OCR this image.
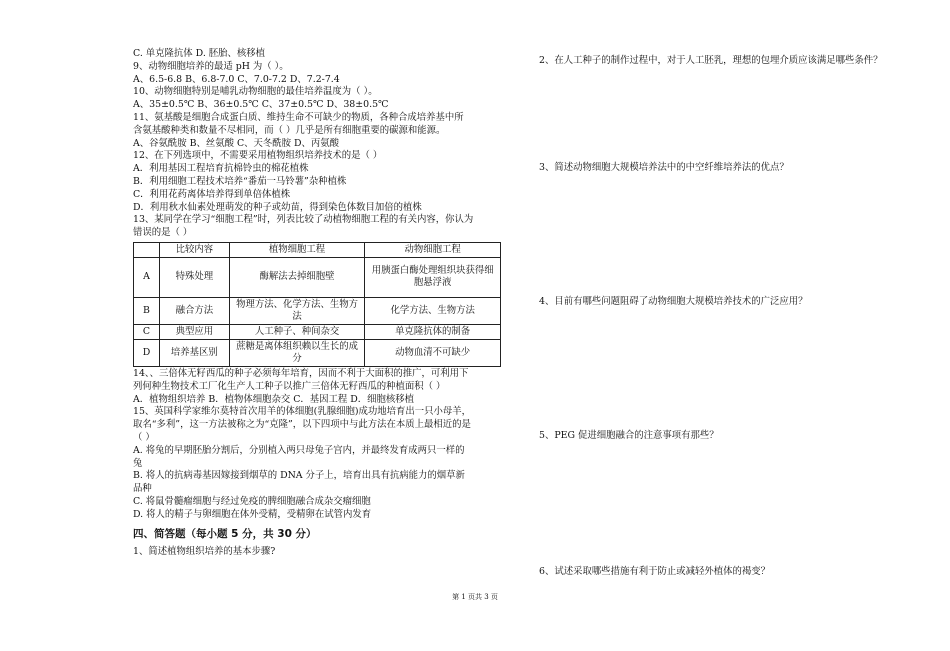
C. 单克隆抗体 D. 胚胎、核移植

9、动物细胞培养的最适 pH 为（ ）。

A、6.5-6.8 B、6.8-7.0 C、7.0-7.2 D、7.2-7.4

10、动物细胞特别是哺乳动物细胞的最佳培养温度为（ ）。

A、35±0.5℃ B、36±0.5℃ C、37±0.5℃ D、38±0.5℃

11、氨基酸是细胞合成蛋白质、维持生命不可缺少的物质，各种合成培养基中所

含氨基酸种类和数量不尽相同，而（ ）几乎是所有细胞重要的碳源和能源。

A、谷氨酰胺 B、丝氨酸 C、天冬酰胺 D、丙氨酸

12、在下列选项中，不需要采用植物组织培养技术的是（ ）

A．利用基因工程培育抗棉铃虫的棉花植株

B．利用细胞工程技术培养“番茄一马铃薯”杂种植株

C．利用花药离体培养得到单倍体植株

D．利用秋水仙素处理萌发的种子或幼苗，得到染色体数目加倍的植株

13、某同学在学习“细胞工程”时，列表比较了动植物细胞工程的有关内容，你认为

错误的是（ ）

	比较内容	植物细胞工程	动物细胞工程
A	特殊处理	酶解法去掉细胞壁	用胰蛋白酶处理组织块获得细胞悬浮液
B	融合方法	物理方法、化学方法、生物方法	化学方法、生物方法
C	典型应用	人工种子、种间杂交	单克隆抗体的制备
D	培养基区别	蔗糖是离体组织赖以生长的成分	动物血清不可缺少

14、、三倍体无籽西瓜的种子必须每年培育，因而不利于大面积的推广，可利用下

列何种生物技术工厂化生产人工种子以推广三倍体无籽西瓜的种植面积（ ）

A．植物组织培养 B．植物体细胞杂交 C．基因工程 D．细胞核移植

15、英国科学家维尔莫特首次用羊的体细胞(乳腺细胞)成功地培育出一只小母羊，

取名“多利”，这一方法被称之为“克隆”，以下四项中与此方法在本质上最相近的是

（ ）

A. 将兔的早期胚胎分割后，分别植入两只母兔子宫内，并最终发育成两只一样的

兔

B. 将人的抗病毒基因嫁接到烟草的 DNA 分子上，培育出具有抗病能力的烟草新

品种

C. 将鼠骨髓瘤细胞与经过免疫的脾细胞融合成杂交瘤细胞

D. 将人的精子与卵细胞在体外受精，受精卵在试管内发育

四、简答题（每小题 5 分，共 30 分）

1、简述植物组织培养的基本步骤?

2、在人工种子的制作过程中，对于人工胚乳，理想的包埋介质应该满足哪些条件？

3、简述动物细胞大规模培养法中的中空纤维培养法的优点？

4、目前有哪些问题阻碍了动物细胞大规模培养技术的广泛应用？

5、PEG 促进细胞融合的注意事项有那些？

6、试述采取哪些措施有利于防止或减轻外植体的褐变？

第 1 页共 3 页
